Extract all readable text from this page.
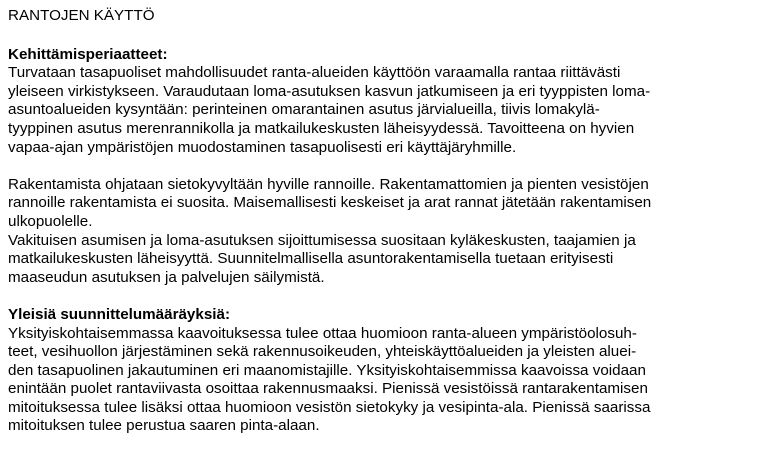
RANTOJEN KÄYTTÖ
Kehittämisperiaatteet:

Turvataan tasapuoliset mahdollisuudet ranta-alueiden käyttöön varaamalla rantaa riittävästi
yleiseen virkistykseen. Varaudutaan loma-asutuksen kasvun jatkumiseen ja eri tyyppisten loma-
asuntoalueiden kysyntään: perinteinen omarantainen asutus järvialueilla, tiivis lomakylä-
tyyppinen asutus merenrannikolla ja matkailukeskusten läheisyydessä. Tavoitteena on hyvien
vapaa-ajan ympäristöjen muodostaminen tasapuolisesti eri käyttäjäryhmille.

Rakentamista ohjataan sietokyvyltään hyville rannoille. Rakentamattomien ja pienten vesistöjen
rannoille rakentamista ei suosita. Maisemallisesti keskeiset ja arat rannat jätetään rakentamisen
ulkopuolelle.

Vakituisen asumisen ja loma-asutuksen sijoittumisessa suositaan kyläkeskusten, taajamien ja
matkailukeskusten läheisyyttä. Suunnitelmallisella asuntorakentamisella tuetaan erityisesti
maaseudun asutuksen ja palvelujen säilymistä.

Yleisiä suunnittelumääräyksiä:

Yksityiskohtaisemmassa kaavoituksessa tulee ottaa huomioon ranta-alueen ympäristöolosuh-
teet, vesihuollon järjestäminen sekä rakennusoikeuden, yhteiskäyttöalueiden ja yleisten aluei-
den tasapuolinen jakautuminen eri maanomistajille. Yksityiskohtaisemmissa kaavoissa voidaan
enintään puolet rantaviivasta osoittaa rakennusmaaksi. Pienissä vesistöissä rantarakentamisen
mitoituksessa tulee lisäksi ottaa huomioon vesistön sietokyky ja vesipinta-ala. Pienissä saarissa
mitoituksen tulee perustua saaren pinta-alaan.
